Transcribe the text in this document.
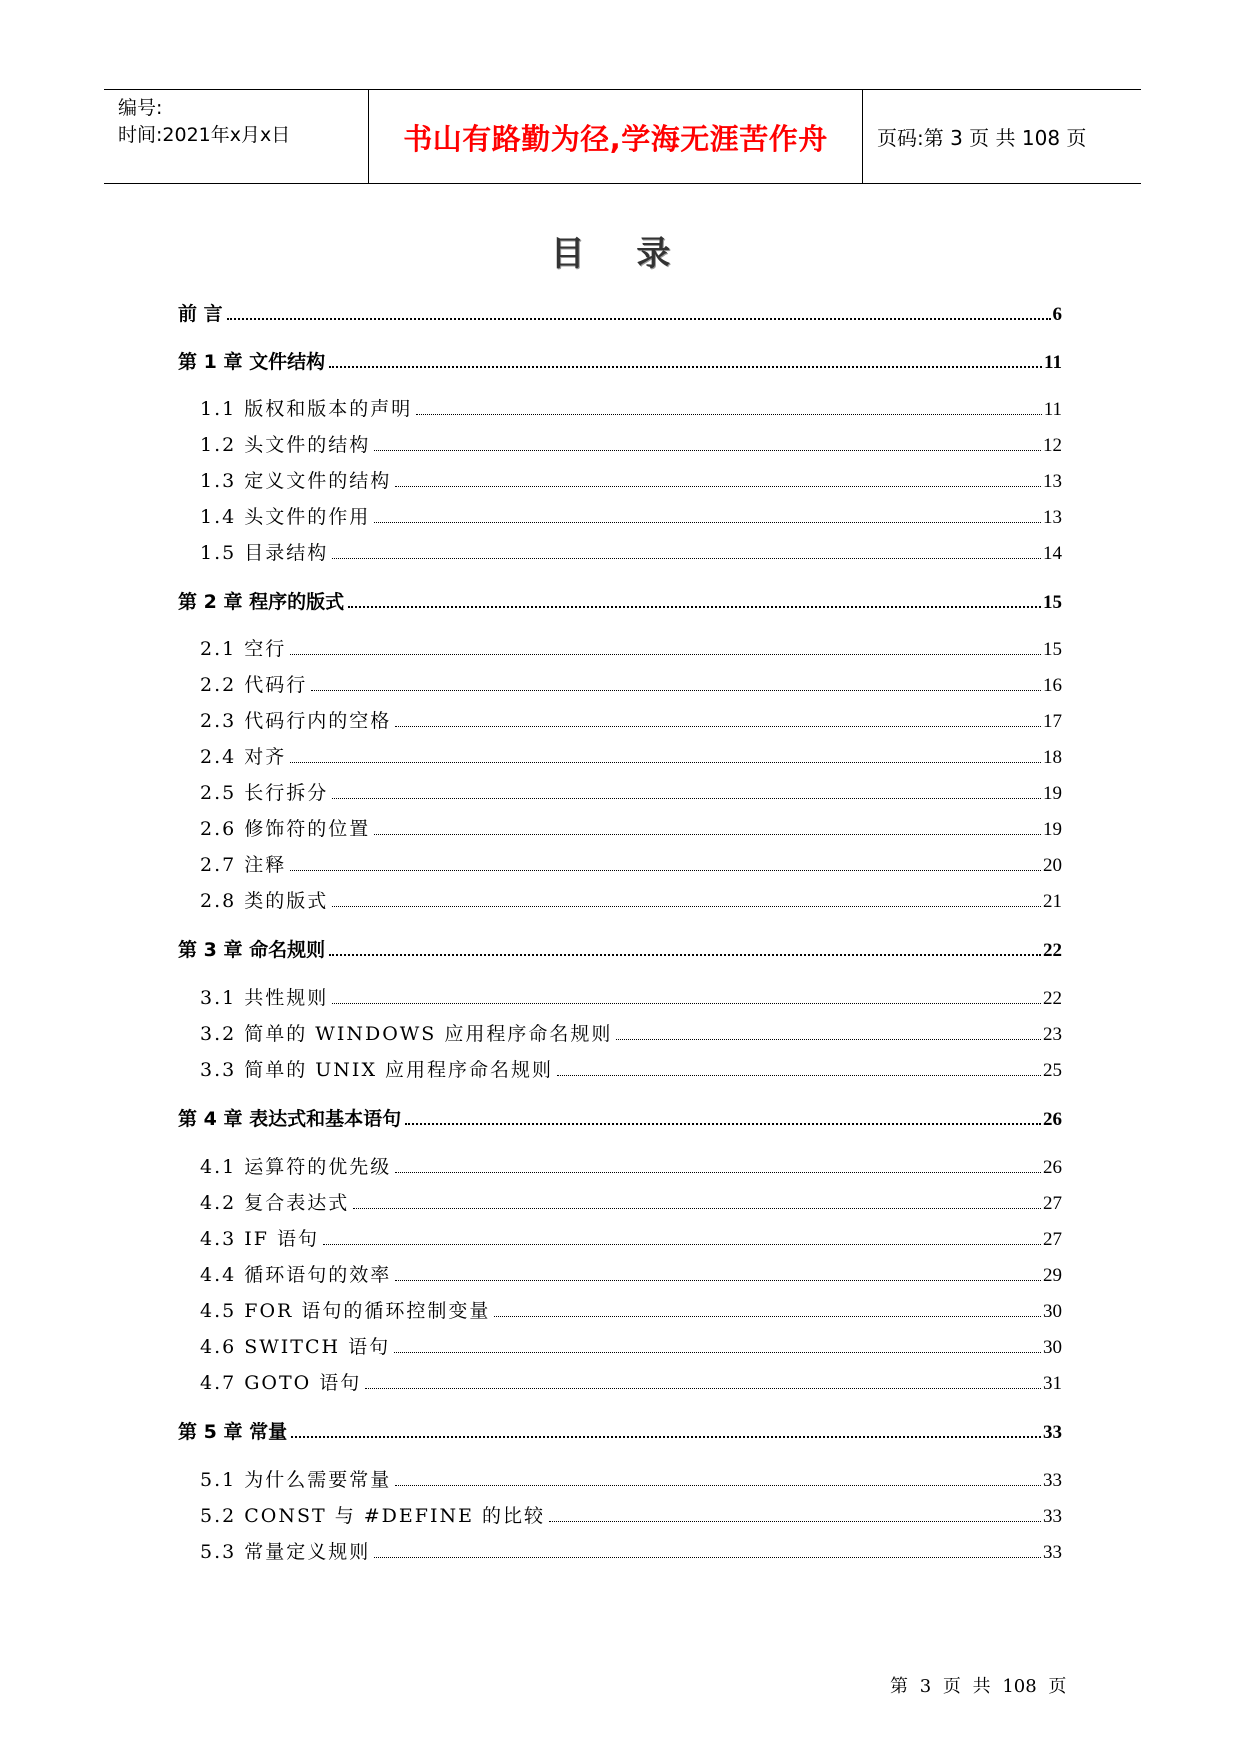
编号:
时间:2021年x月x日	书山有路勤为径,学海无涯苦作舟	页码:第 3 页 共 108 页
目 录
前 言	6
第 1 章 文件结构	11
1.1 版权和版本的声明	11
1.2 头文件的结构	12
1.3 定义文件的结构	13
1.4 头文件的作用	13
1.5 目录结构	14
第 2 章 程序的版式	15
2.1 空行	15
2.2 代码行	16
2.3 代码行内的空格	17
2.4 对齐	18
2.5 长行拆分	19
2.6 修饰符的位置	19
2.7 注释	20
2.8 类的版式	21
第 3 章 命名规则	22
3.1 共性规则	22
3.2 简单的 WINDOWS 应用程序命名规则	23
3.3 简单的 UNIX 应用程序命名规则	25
第 4 章 表达式和基本语句	26
4.1 运算符的优先级	26
4.2 复合表达式	27
4.3 IF 语句	27
4.4 循环语句的效率	29
4.5 FOR 语句的循环控制变量	30
4.6 SWITCH 语句	30
4.7 GOTO 语句	31
第 5 章 常量	33
5.1 为什么需要常量	33
5.2 CONST 与 #DEFINE 的比较	33
5.3 常量定义规则	33
第 3 页 共 108 页
